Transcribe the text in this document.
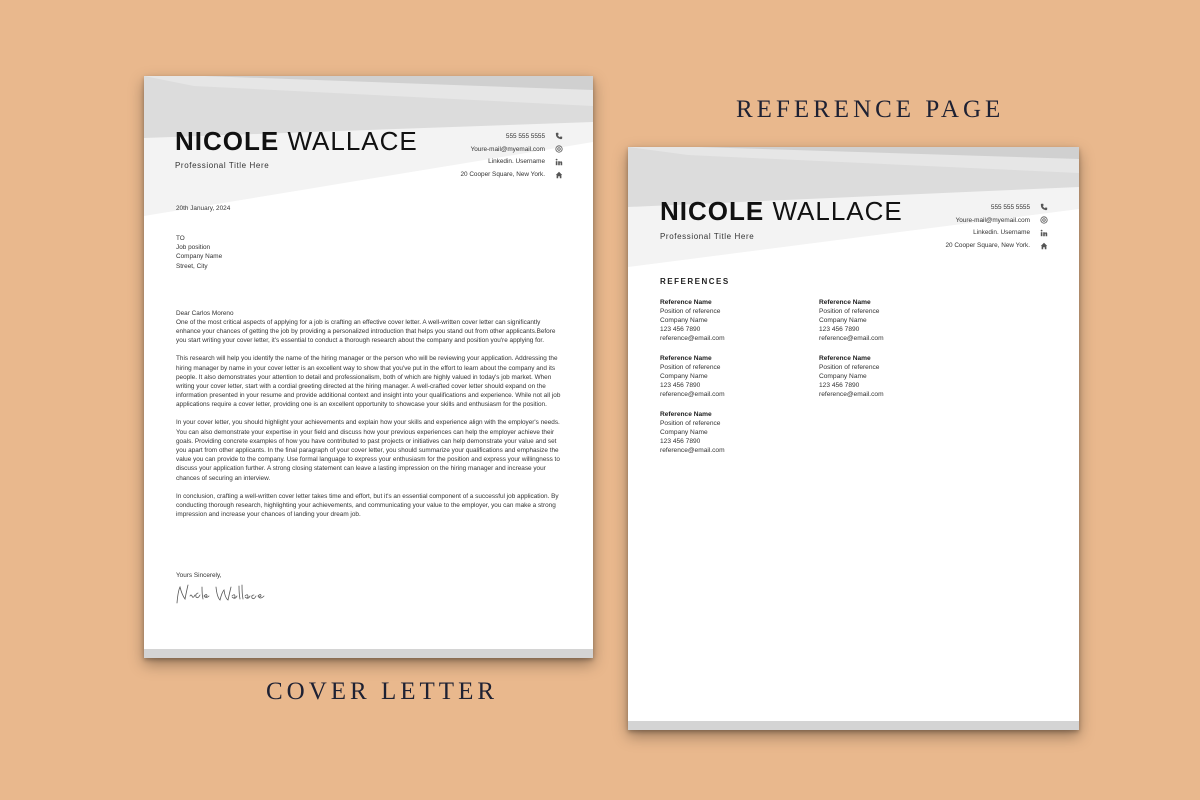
REFERENCE PAGE
COVER LETTER
NICOLE WALLACE
Professional Title Here
555 555 5555
Youre-mail@myemail.com
Linkedin. Username
20 Cooper Square, New York.
20th January, 2024
TO
Job position
Company Name
Street, City
Dear Carlos Moreno

One of the most critical aspects of applying for a job is crafting an effective cover letter. A well-written cover letter can significantly enhance your chances of getting the job by providing a personalized introduction that helps you stand out from other applicants.Before you start writing your cover letter, it's essential to conduct a thorough research about the company and position you're applying for.

This research will help you identify the name of the hiring manager or the person who will be reviewing your application. Addressing the hiring manager by name in your cover letter is an excellent way to show that you've put in the effort to learn about the company and its people. It also demonstrates your attention to detail and professionalism, both of which are highly valued in today's job market. When writing your cover letter, start with a cordial greeting directed at the hiring manager. A well-crafted cover letter should expand on the information presented in your resume and provide additional context and insight into your qualifications and experience. While not all job applications require a cover letter, providing one is an excellent opportunity to showcase your skills and enthusiasm for the position.

In your cover letter, you should highlight your achievements and explain how your skills and experience align with the employer's needs. You can also demonstrate your expertise in your field and discuss how your previous experiences can help the employer achieve their goals. Providing concrete examples of how you have contributed to past projects or initiatives can help demonstrate your value and set you apart from other applicants. In the final paragraph of your cover letter, you should summarize your qualifications and emphasize the value you can provide to the company. Use formal language to express your enthusiasm for the position and express your willingness to discuss your application further. A strong closing statement can leave a lasting impression on the hiring manager and increase your chances of securing an interview.

In conclusion, crafting a well-written cover letter takes time and effort, but it's an essential component of a successful job application. By conducting thorough research, highlighting your achievements, and communicating your value to the employer, you can make a strong impression and increase your chances of landing your dream job.

Yours Sincerely,
NICOLE WALLACE
Professional Title Here
555 555 5555
Youre-mail@myemail.com
Linkedin. Username
20 Cooper Square, New York.
REFERENCES
Reference Name
Position of reference
Company Name
123 456 7890
reference@email.com
Reference Name
Position of reference
Company Name
123 456 7890
reference@email.com
Reference Name
Position of reference
Company Name
123 456 7890
reference@email.com
Reference Name
Position of reference
Company Name
123 456 7890
reference@email.com
Reference Name
Position of reference
Company Name
123 456 7890
reference@email.com
